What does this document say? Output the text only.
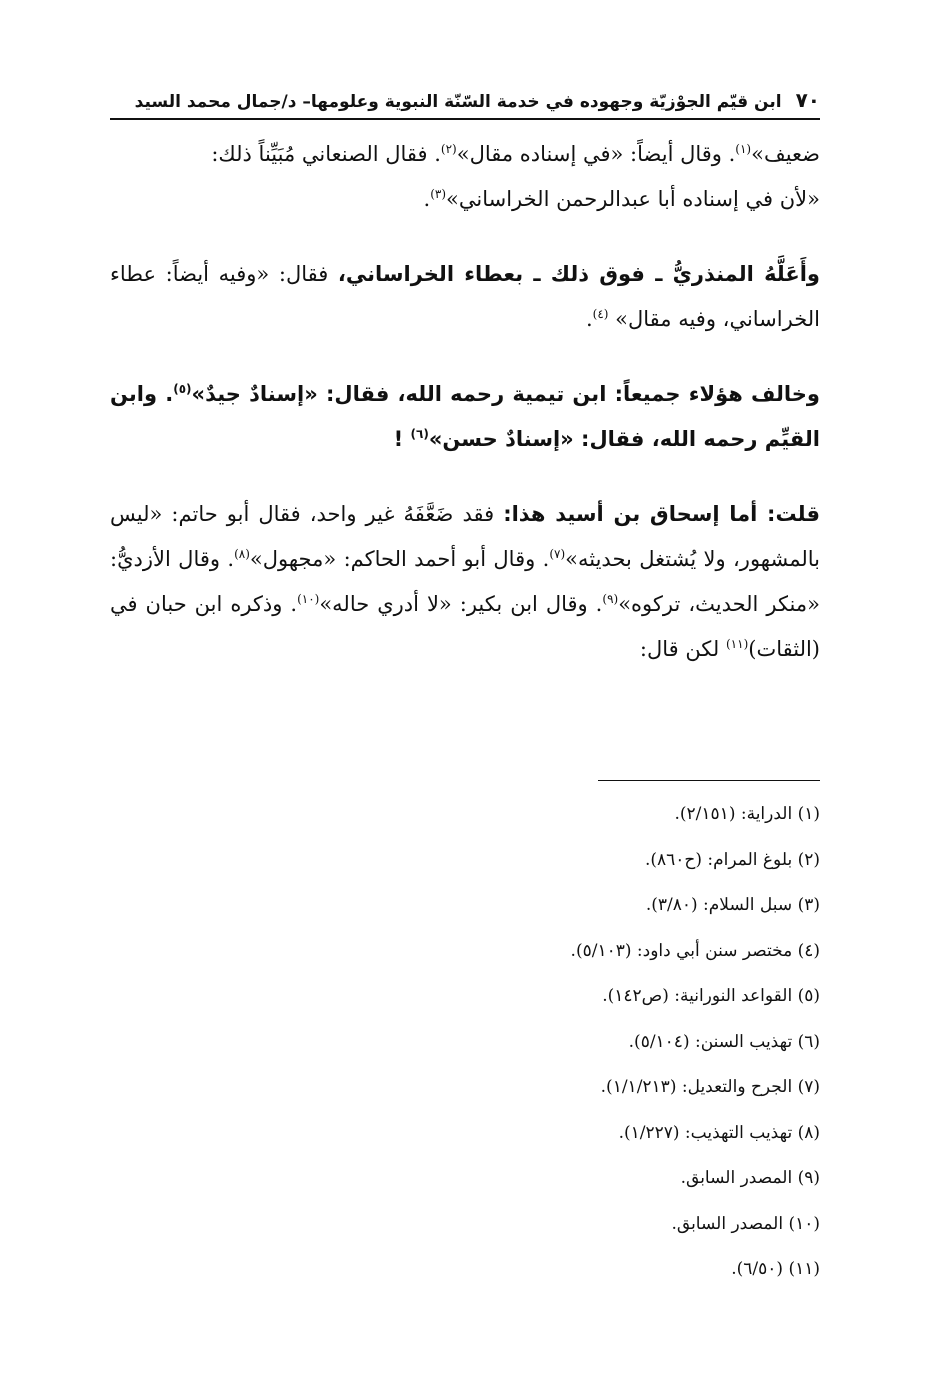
٧٠
ابن قيّم الجوْزيّة وجهوده في خدمة السّنّة النبوية وعلومها– د/جمال محمد السيد

ضعيف»$^{(١)}$. وقال أيضاً: «في إسناده مقال»$^{(٢)}$. فقال الصنعاني مُبَيِّناً ذلك:

«لأن في إسناده أبا عبدالرحمن الخراساني»$^{(٣)}$.

وأَعَلَّهُ المنذريُّ ـ فوق ذلك ـ بعطاء الخراساني، فقال: «وفيه أيضاً: عطاء الخراساني، وفيه مقال» $^{(٤)}$.

وخالف هؤلاء جميعاً: ابن تيمية رحمه الله، فقال: «إسنادٌ جيدٌ»$^{(٥)}$. وابن القيِّم رحمه الله، فقال: «إسنادٌ حسن»$^{(٦)}$ !

قلت: أما إسحاق بن أسيد هذا: فقد ضَعَّفَهُ غير واحد، فقال أبو حاتم: «ليس بالمشهور، ولا يُشتغل بحديثه»$^{(٧)}$. وقال أبو أحمد الحاكم: «مجهول»$^{(٨)}$. وقال الأزديُّ: «منكر الحديث، تركوه»$^{(٩)}$. وقال ابن بكير: «لا أدري حاله»$^{(١٠)}$. وذكره ابن حبان في (الثقات)$^{(١١)}$ لكن قال:

(١) الدراية: (٢/١٥١).

(٢) بلوغ المرام: (ح٨٦٠).

(٣) سبل السلام: (٣/٨٠).

(٤) مختصر سنن أبي داود: (٥/١٠٣).

(٥) القواعد النورانية: (ص١٤٢).

(٦) تهذيب السنن: (٥/١٠٤).

(٧) الجرح والتعديل: (١/١/٢١٣).

(٨) تهذيب التهذيب: (١/٢٢٧).

(٩) المصدر السابق.

(١٠) المصدر السابق.

(١١) (٦/٥٠).
